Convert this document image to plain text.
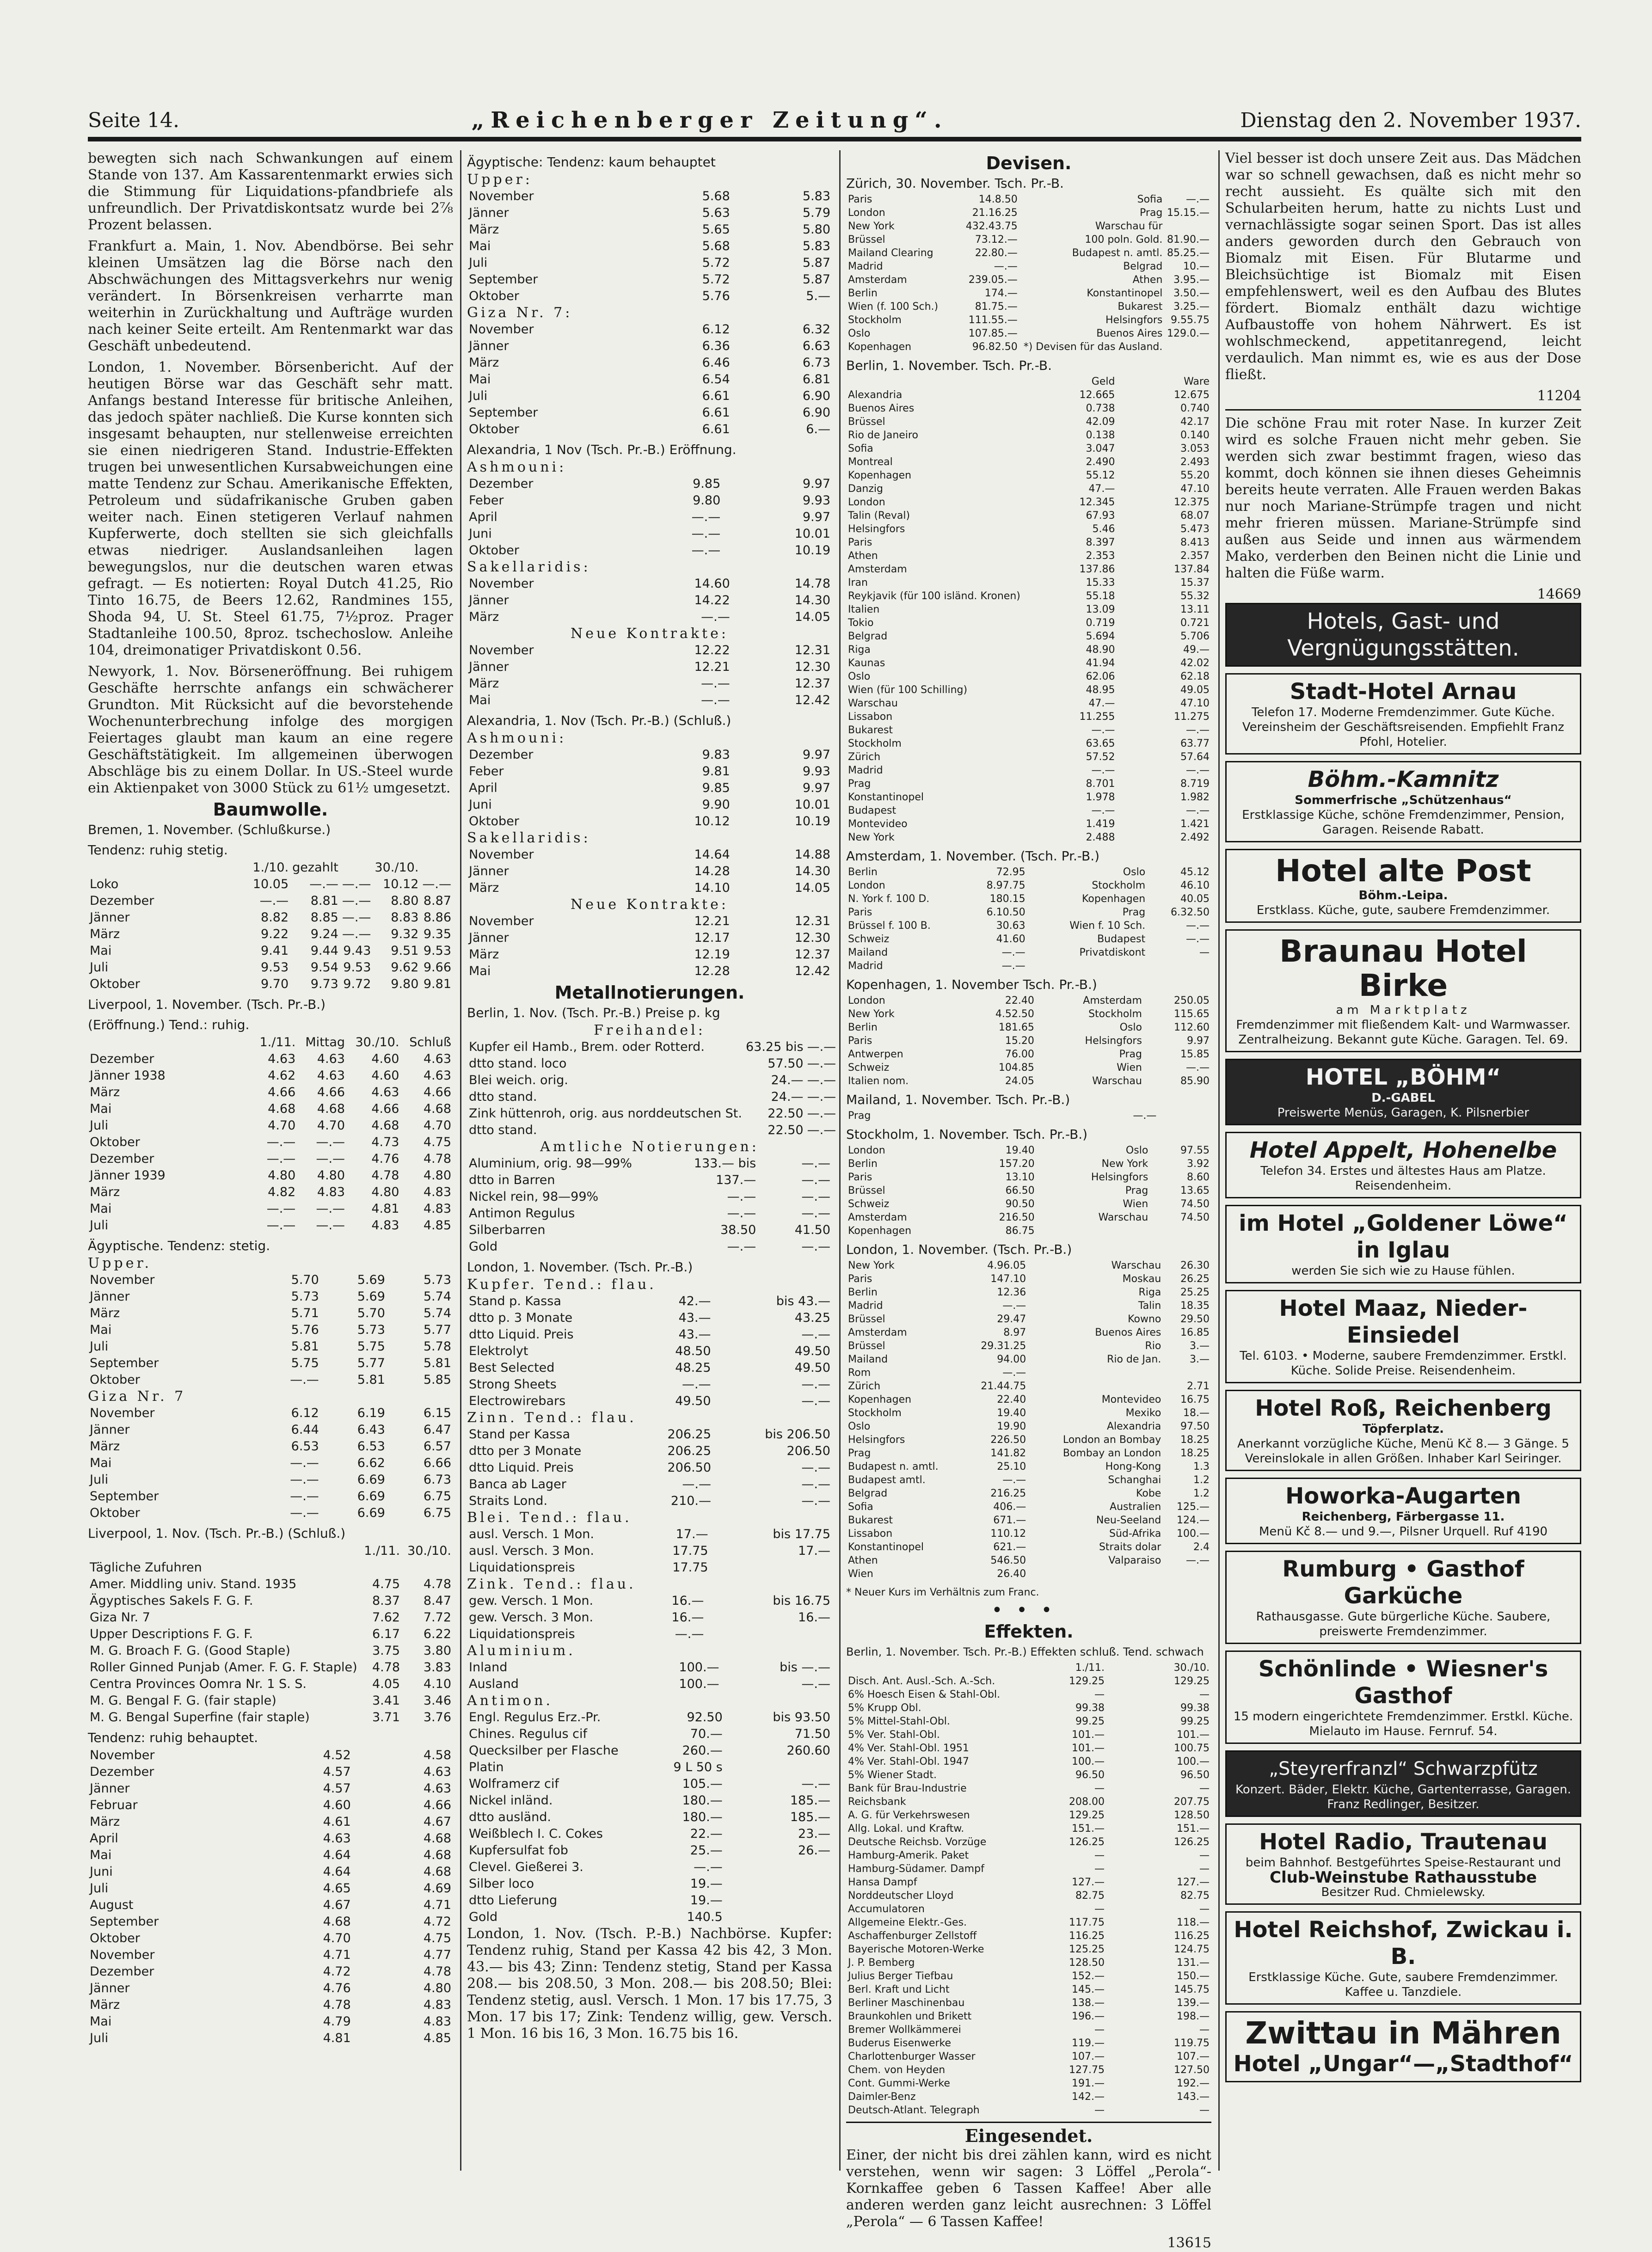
Seite 14.	„Reichenberger Zeitung“.	Dienstag den 2. November 1937.

bewegten sich nach Schwankungen auf einem Stande von 137. Am Kassarentenmarkt erwies sich die Stimmung für Liquidations-pfandbriefe als unfreundlich. Der Privatdiskontsatz wurde bei 2⅞ Prozent belassen.

Frankfurt a. Main, 1. Nov. Abendbörse. Bei sehr kleinen Umsätzen lag die Börse nach den Abschwächungen des Mittagsverkehrs nur wenig verändert. In Börsenkreisen verharrte man weiterhin in Zurückhaltung und Aufträge wurden nach keiner Seite erteilt. Am Rentenmarkt war das Geschäft unbedeutend.

London, 1. November. Börsenbericht. Auf der heutigen Börse war das Geschäft sehr matt. Anfangs bestand Interesse für britische Anleihen, das jedoch später nachließ. Die Kurse konnten sich insgesamt behaupten, nur stellenweise erreichten sie einen niedrigeren Stand. Industrie-Effekten trugen bei unwesentlichen Kursabweichungen eine matte Tendenz zur Schau. Amerikanische Effekten, Petroleum und südafrikanische Gruben gaben weiter nach. Einen stetigeren Verlauf nahmen Kupferwerte, doch stellten sie sich gleichfalls etwas niedriger. Auslandsanleihen lagen bewegungslos, nur die deutschen waren etwas gefragt. — Es notierten: Royal Dutch 41.25, Rio Tinto 16.75, de Beers 12.62, Randmines 155, Shoda 94, U. St. Steel 61.75, 7½proz. Prager Stadtanleihe 100.50, 8proz. tschechoslow. Anleihe 104, dreimonatiger Privatdiskont 0.56.

Newyork, 1. Nov. Börseneröffnung. Bei ruhigem Geschäfte herrschte anfangs ein schwächerer Grundton. Mit Rücksicht auf die bevorstehende Wochenunterbrechung infolge des morgigen Feiertages glaubt man kaum an eine regere Geschäftstätigkeit. Im allgemeinen überwogen Abschläge bis zu einem Dollar. In US.-Steel wurde ein Aktienpaket von 3000 Stück zu 61½ umgesetzt.

Baumwolle.
Bremen, 1. November. (Schlußkurse.)
Tendenz: ruhig stetig.
	1./10.	gezahlt		30./10.	
Loko	10.05	—.—	—.—	10.12	—.—
Dezember	—.—	8.81	—.—	8.80	8.87
Jänner	8.82	8.85	—.—	8.83	8.86
März	9.22	9.24	—.—	9.32	9.35
Mai	9.41	9.44	9.43	9.51	9.53
Juli	9.53	9.54	9.53	9.62	9.66
Oktober	9.70	9.73	9.72	9.80	9.81
Liverpool, 1. November. (Tsch. Pr.-B.)
(Eröffnung.) Tend.: ruhig.
	1./11.	Mittag	30./10.	Schluß
Dezember	4.63	4.63	4.60	4.63
Jänner 1938	4.62	4.63	4.60	4.63
März	4.66	4.66	4.63	4.66
Mai	4.68	4.68	4.66	4.68
Juli	4.70	4.70	4.68	4.70
Oktober	—.—	—.—	4.73	4.75
Dezember	—.—	—.—	4.76	4.78
Jänner 1939	4.80	4.80	4.78	4.80
März	4.82	4.83	4.80	4.83
Mai	—.—	—.—	4.81	4.83
Juli	—.—	—.—	4.83	4.85
Ägyptische. Tendenz: stetig.
Upper.
November	5.70	5.69	5.73
Jänner	5.73	5.69	5.74
März	5.71	5.70	5.74
Mai	5.76	5.73	5.77
Juli	5.81	5.75	5.78
September	5.75	5.77	5.81
Oktober	—.—	5.81	5.85
Giza Nr. 7
November	6.12	6.19	6.15
Jänner	6.44	6.43	6.47
März	6.53	6.53	6.57
Mai	—.—	6.62	6.66
Juli	—.—	6.69	6.73
September	—.—	6.69	6.75
Oktober	—.—	6.69	6.75
Liverpool, 1. Nov. (Tsch. Pr.-B.) (Schluß.)
	1./11.	30./10.
Tägliche Zufuhren		
Amer. Middling univ. Stand. 1935	4.75	4.78
Ägyptisches Sakels F. G. F.	8.37	8.47
Giza Nr. 7	7.62	7.72
Upper Descriptions F. G. F.	6.17	6.22
M. G. Broach F. G. (Good Staple)	3.75	3.80
Roller Ginned Punjab (Amer. F. G. F. Staple)	4.78	3.83
Centra Provinces Oomra Nr. 1 S. S.	4.05	4.10
M. G. Bengal F. G. (fair staple)	3.41	3.46
M. G. Bengal Superfine (fair staple)	3.71	3.76
Tendenz: ruhig behauptet.
November	4.52	4.58
Dezember	4.57	4.63
Jänner	4.57	4.63
Februar	4.60	4.66
März	4.61	4.67
April	4.63	4.68
Mai	4.64	4.68
Juni	4.64	4.68
Juli	4.65	4.69
August	4.67	4.71
September	4.68	4.72
Oktober	4.70	4.75
November	4.71	4.77
Dezember	4.72	4.78
Jänner	4.76	4.80
März	4.78	4.83
Mai	4.79	4.83
Juli	4.81	4.85
Ägyptische: Tendenz: kaum behauptet
Upper:
November	5.68	5.83
Jänner	5.63	5.79
März	5.65	5.80
Mai	5.68	5.83
Juli	5.72	5.87
September	5.72	5.87
Oktober	5.76	5.—
Giza Nr. 7:
November	6.12	6.32
Jänner	6.36	6.63
März	6.46	6.73
Mai	6.54	6.81
Juli	6.61	6.90
September	6.61	6.90
Oktober	6.61	6.—
Alexandria, 1 Nov (Tsch. Pr.-B.) Eröffnung.
Ashmouni:
Dezember	9.85	9.97
Feber	9.80	9.93
April	—.—	9.97
Juni	—.—	10.01
Oktober	—.—	10.19
Sakellaridis:
November	14.60	14.78
Jänner	14.22	14.30
März	—.—	14.05
Neue Kontrakte:
November	12.22	12.31
Jänner	12.21	12.30
März	—.—	12.37
Mai	—.—	12.42
Alexandria, 1. Nov (Tsch. Pr.-B.) (Schluß.)
Ashmouni:
Dezember	9.83	9.97
Feber	9.81	9.93
April	9.85	9.97
Juni	9.90	10.01
Oktober	10.12	10.19
Sakellaridis:
November	14.64	14.88
Jänner	14.28	14.30
März	14.10	14.05
Neue Kontrakte:
November	12.21	12.31
Jänner	12.17	12.30
März	12.19	12.37
Mai	12.28	12.42
Metallnotierungen.
Berlin, 1. Nov. (Tsch. Pr.-B.) Preise p. kg
Freihandel:
Kupfer eil Hamb., Brem. oder Rotterd.	63.25 bis	—.—
dtto stand. loco	57.50	—.—
Blei weich. orig.	24.—	—.—
dtto stand.	24.—	—.—
Zink hüttenroh, orig. aus norddeutschen St.	22.50	—.—
dtto stand.	22.50	—.—
Amtliche Notierungen:
Aluminium, orig. 98—99%	133.— bis	—.—
dtto in Barren	137.—	—.—
Nickel rein, 98—99%	—.—	—.—
Antimon Regulus	—.—	—.—
Silberbarren	38.50	41.50
Gold	—.—	—.—
London, 1. November. (Tsch. Pr.-B.)
Kupfer. Tend.: flau.
Stand p. Kassa	42.—	bis 43.—
dtto p. 3 Monate	43.—	43.25
dtto Liquid. Preis	43.—	—.—
Elektrolyt	48.50	49.50
Best Selected	48.25	49.50
Strong Sheets	—.—	—.—
Electrowirebars	49.50	—.—
Zinn. Tend.: flau.
Stand per Kassa	206.25	bis 206.50
dtto per 3 Monate	206.25	206.50
dtto Liquid. Preis	206.50	—.—
Banca ab Lager	—.—	—.—
Straits Lond.	210.—	—.—
Blei. Tend.: flau.
ausl. Versch. 1 Mon.	17.—	bis 17.75
ausl. Versch. 3 Mon.	17.75	17.—
Liquidationspreis	17.75	
Zink. Tend.: flau.
gew. Versch. 1 Mon.	16.—	bis 16.75
gew. Versch. 3 Mon.	16.—	16.—
Liquidationspreis	—.—	
Aluminium.
Inland	100.—	bis —.—
Ausland	100.—	—.—
Antimon.
Engl. Regulus Erz.-Pr.	92.50	bis 93.50
Chines. Regulus cif	70.—	71.50
Quecksilber per Flasche	260.—	260.60
Platin	9 L 50 s	
Wolframerz cif	105.—	—.—
Nickel inländ.	180.—	185.—
dtto ausländ.	180.—	185.—
Weißblech I. C. Cokes	22.—	23.—
Kupfersulfat fob	25.—	26.—
Clevel. Gießerei 3.	—.—	
Silber loco	19.—	
dtto Lieferung	19.—	
Gold	140.5	

London, 1. Nov. (Tsch. P.-B.) Nachbörse. Kupfer: Tendenz ruhig, Stand per Kassa 42 bis 42, 3 Mon. 43.— bis 43; Zinn: Tendenz stetig, Stand per Kassa 208.— bis 208.50, 3 Mon. 208.— bis 208.50; Blei: Tendenz stetig, ausl. Versch. 1 Mon. 17 bis 17.75, 3 Mon. 17 bis 17; Zink: Tendenz willig, gew. Versch. 1 Mon. 16 bis 16, 3 Mon. 16.75 bis 16.

Devisen.
Zürich, 30. November. Tsch. Pr.-B.
Paris	14.8.50	Sofia	—.—
London	21.16.25	Prag	15.15.—
New York	432.43.75	Warschau für	
Brüssel	73.12.—	100 poln. Gold.	81.90.—
Mailand Clearing	22.80.—	Budapest n. amtl.	85.25.—
Madrid	—.—	Belgrad	10.—
Amsterdam	239.05.—	Athen	3.95.—
Berlin	174.—	Konstantinopel	3.50.—
Wien (f. 100 Sch.)	81.75.—	Bukarest	3.25.—
Stockholm	111.55.—	Helsingfors	9.55.75
Oslo	107.85.—	Buenos Aires	129.0.—
Kopenhagen	96.82.50	*) Devisen für das Ausland.	
Berlin, 1. November. Tsch. Pr.-B.
	Geld	Ware
Alexandria	12.665	12.675
Buenos Aires	0.738	0.740
Brüssel	42.09	42.17
Rio de Janeiro	0.138	0.140
Sofia	3.047	3.053
Montreal	2.490	2.493
Kopenhagen	55.12	55.20
Danzig	47.—	47.10
London	12.345	12.375
Talin (Reval)	67.93	68.07
Helsingfors	5.46	5.473
Paris	8.397	8.413
Athen	2.353	2.357
Amsterdam	137.86	137.84
Iran	15.33	15.37
Reykjavik (für 100 isländ. Kronen)	55.18	55.32
Italien	13.09	13.11
Tokio	0.719	0.721
Belgrad	5.694	5.706
Riga	48.90	49.—
Kaunas	41.94	42.02
Oslo	62.06	62.18
Wien (für 100 Schilling)	48.95	49.05
Warschau	47.—	47.10
Lissabon	11.255	11.275
Bukarest	—.—	—.—
Stockholm	63.65	63.77
Zürich	57.52	57.64
Madrid	—.—	—.—
Prag	8.701	8.719
Konstantinopel	1.978	1.982
Budapest	—.—	—.—
Montevideo	1.419	1.421
New York	2.488	2.492
Amsterdam, 1. November. (Tsch. Pr.-B.)
Berlin	72.95	Oslo	45.12
London	8.97.75	Stockholm	46.10
N. York f. 100 D.	180.15	Kopenhagen	40.05
Paris	6.10.50	Prag	6.32.50
Brüssel f. 100 B.	30.63	Wien f. 10 Sch.	—.—
Schweiz	41.60	Budapest	—.—
Mailand	—.—	Privatdiskont	—
Madrid	—.—		
Kopenhagen, 1. November Tsch. Pr.-B.)
London	22.40	Amsterdam	250.05
New York	4.52.50	Stockholm	115.65
Berlin	181.65	Oslo	112.60
Paris	15.20	Helsingfors	9.97
Antwerpen	76.00	Prag	15.85
Schweiz	104.85	Wien	—.—
Italien nom.	24.05	Warschau	85.90
Mailand, 1. November. Tsch. Pr.-B.)
Prag	—.—		
Stockholm, 1. November. Tsch. Pr.-B.)
London	19.40	Oslo	97.55
Berlin	157.20	New York	3.92
Paris	13.10	Helsingfors	8.60
Brüssel	66.50	Prag	13.65
Schweiz	90.50	Wien	74.50
Amsterdam	216.50	Warschau	74.50
Kopenhagen	86.75		
London, 1. November. (Tsch. Pr.-B.)
New York	4.96.05	Warschau	26.30
Paris	147.10	Moskau	26.25
Berlin	12.36	Riga	25.25
Madrid	—.—	Talin	18.35
Brüssel	29.47	Kowno	29.50
Amsterdam	8.97	Buenos Aires	16.85
Brüssel	29.31.25	Rio	3.—
Mailand	94.00	Rio de Jan.	3.—
Rom	—.—		
Zürich	21.44.75		2.71
Kopenhagen	22.40	Montevideo	16.75
Stockholm	19.40	Mexiko	18.—
Oslo	19.90	Alexandria	97.50
Helsingfors	226.50	London an Bombay	18.25
Prag	141.82	Bombay an London	18.25
Budapest n. amtl.	25.10	Hong-Kong	1.3
Budapest amtl.	—.—	Schanghai	1.2
Belgrad	216.25	Kobe	1.2
Sofia	406.—	Australien	125.—
Bukarest	671.—	Neu-Seeland	124.—
Lissabon	110.12	Süd-Afrika	100.—
Konstantinopel	621.—	Straits dolar	2.4
Athen	546.50	Valparaiso	—.—
Wien	26.40		
* Neuer Kurs im Verhältnis zum Franc.
•••
Effekten.
Berlin, 1. November. Tsch. Pr.-B.) Effekten schluß. Tend. schwach
	1./11.	30./10.
Disch. Ant. Ausl.-Sch. A.-Sch.	129.25	129.25
6% Hoesch Eisen & Stahl-Obl.	—	—
5% Krupp Obl.	99.38	99.38
5% Mittel-Stahl-Obl.	99.25	99.25
5% Ver. Stahl-Obl.	101.—	101.—
4% Ver. Stahl-Obl. 1951	101.—	100.75
4% Ver. Stahl-Obl. 1947	100.—	100.—
5% Wiener Stadt.	96.50	96.50
Bank für Brau-Industrie	—	—
Reichsbank	208.00	207.75
A. G. für Verkehrswesen	129.25	128.50
Allg. Lokal. und Kraftw.	151.—	151.—
Deutsche Reichsb. Vorzüge	126.25	126.25
Hamburg-Amerik. Paket	—	—
Hamburg-Südamer. Dampf	—	—
Hansa Dampf	127.—	127.—
Norddeutscher Lloyd	82.75	82.75
Accumulatoren	—	—
Allgemeine Elektr.-Ges.	117.75	118.—
Aschaffenburger Zellstoff	116.25	116.25
Bayerische Motoren-Werke	125.25	124.75
J. P. Bemberg	128.50	131.—
Julius Berger Tiefbau	152.—	150.—
Berl. Kraft und Licht	145.—	145.75
Berliner Maschinenbau	138.—	139.—
Braunkohlen und Brikett	196.—	198.—
Bremer Wollkämmerei	—	—
Buderus Eisenwerke	119.—	119.75
Charlottenburger Wasser	107.—	107.—
Chem. von Heyden	127.75	127.50
Cont. Gummi-Werke	191.—	192.—
Daimler-Benz	142.—	143.—
Deutsch-Atlant. Telegraph	—	—
Eingesendet.

Einer, der nicht bis drei zählen kann, wird es nicht verstehen, wenn wir sagen: 3 Löffel „Perola“-Kornkaffee geben 6 Tassen Kaffee! Aber alle anderen werden ganz leicht ausrechnen: 3 Löffel „Perola“ — 6 Tassen Kaffee!

13615

Viel besser ist doch unsere Zeit aus. Das Mädchen war so schnell gewachsen, daß es nicht mehr so recht aussieht. Es quälte sich mit den Schularbeiten herum, hatte zu nichts Lust und vernachlässigte sogar seinen Sport. Das ist alles anders geworden durch den Gebrauch von Biomalz mit Eisen. Für Blutarme und Bleichsüchtige ist Biomalz mit Eisen empfehlenswert, weil es den Aufbau des Blutes fördert. Biomalz enthält dazu wichtige Aufbaustoffe von hohem Nährwert. Es ist wohlschmeckend, appetitanregend, leicht verdaulich. Man nimmt es, wie es aus der Dose fließt.

11204

Die schöne Frau mit roter Nase. In kurzer Zeit wird es solche Frauen nicht mehr geben. Sie werden sich zwar bestimmt fragen, wieso das kommt, doch können sie ihnen dieses Geheimnis bereits heute verraten. Alle Frauen werden Bakas nur noch Mariane-Strümpfe tragen und nicht mehr frieren müssen. Mariane-Strümpfe sind außen aus Seide und innen aus wärmendem Mako, verderben den Beinen nicht die Linie und halten die Füße warm.

14669
Hotels, Gast- und Vergnügungsstätten.
Stadt-Hotel Arnau
Telefon 17. Moderne Fremdenzimmer. Gute Küche. Vereinsheim der Geschäftsreisenden. Empfiehlt Franz Pfohl, Hotelier.
Böhm.-Kamnitz
Sommerfrische „Schützenhaus“
Erstklassige Küche, schöne Fremdenzimmer, Pension, Garagen. Reisende Rabatt.
Hotel alte Post
Böhm.-Leipa.
Erstklass. Küche, gute, saubere Fremdenzimmer.
Braunau Hotel Birke
am Marktplatz
Fremdenzimmer mit fließendem Kalt- und Warmwasser. Zentralheizung. Bekannt gute Küche. Garagen. Tel. 69.
HOTEL „BÖHM“
D.-GABEL
Preiswerte Menüs, Garagen, K. Pilsnerbier
Hotel Appelt, Hohenelbe
Telefon 34. Erstes und ältestes Haus am Platze. Reisendenheim.
im Hotel „Goldener Löwe“ in Iglau
werden Sie sich wie zu Hause fühlen.
Hotel Maaz, Nieder-Einsiedel
Tel. 6103. • Moderne, saubere Fremdenzimmer. Erstkl. Küche. Solide Preise. Reisendenheim.
Hotel Roß, Reichenberg
Töpferplatz.
Anerkannt vorzügliche Küche, Menü Kč 8.— 3 Gänge. 5 Vereinslokale in allen Größen. Inhaber Karl Seiringer.
Howorka-Augarten
Reichenberg, Färbergasse 11.
Menü Kč 8.— und 9.—, Pilsner Urquell. Ruf 4190
Rumburg • Gasthof Garküche
Rathausgasse. Gute bürgerliche Küche. Saubere, preiswerte Fremdenzimmer.
Schönlinde • Wiesner's Gasthof
15 modern eingerichtete Fremdenzimmer. Erstkl. Küche. Mielauto im Hause. Fernruf. 54.
„Steyrerfranzl“ Schwarzpfütz
Konzert. Bäder, Elektr. Küche, Gartenterrasse, Garagen. Franz Redlinger, Besitzer.
Hotel Radio, Trautenau
beim Bahnhof. Bestgeführtes Speise-Restaurant und
Club-Weinstube Rathausstube
Besitzer Rud. Chmielewsky.
Hotel Reichshof, Zwickau i. B.
Erstklassige Küche. Gute, saubere Fremdenzimmer. Kaffee u. Tanzdiele.
Zwittau in Mähren
Hotel „Ungar“—„Stadthof“
